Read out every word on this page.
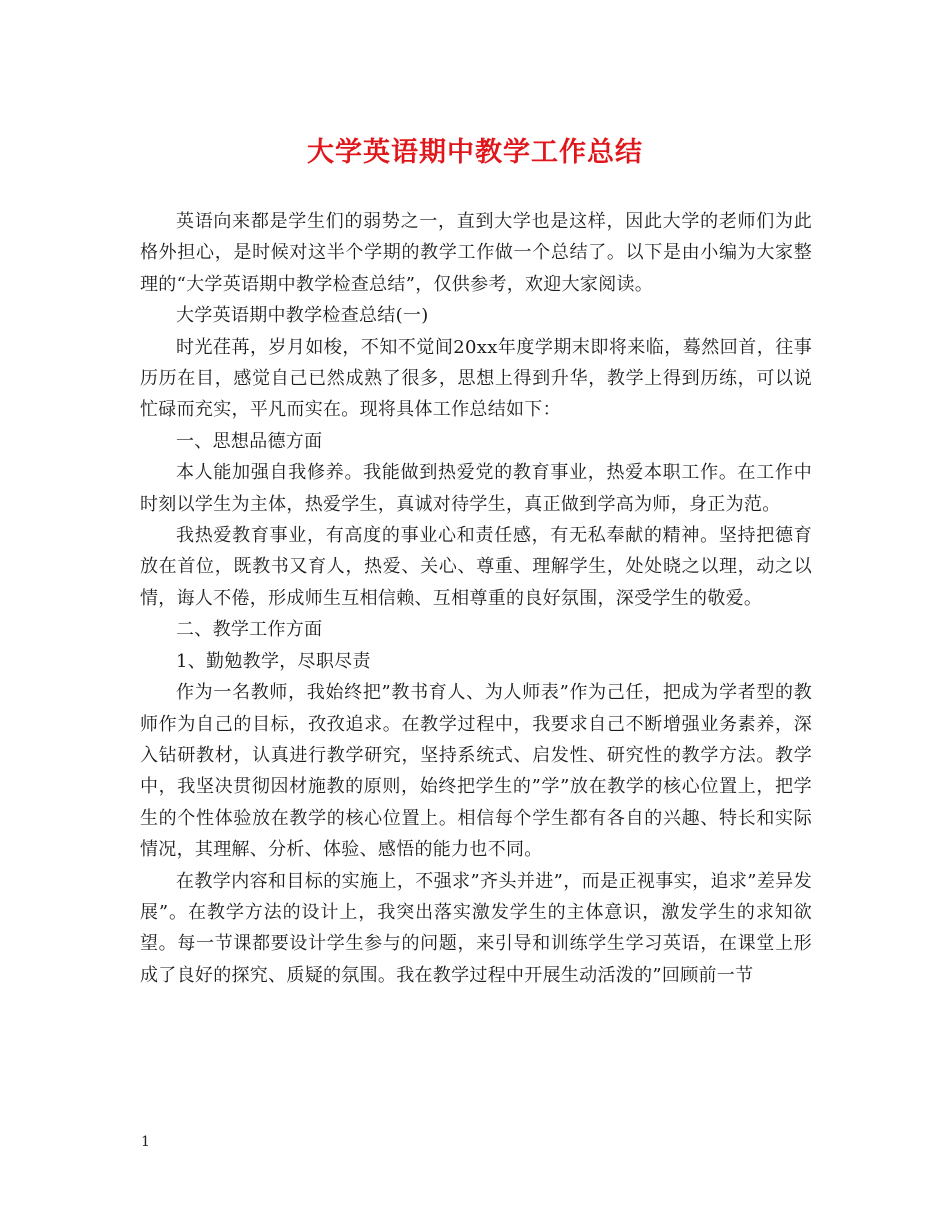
大学英语期中教学工作总结

英语向来都是学生们的弱势之一，直到大学也是这样，因此大学的老师们为此格外担心，是时候对这半个学期的教学工作做一个总结了。以下是由小编为大家整理的“大学英语期中教学检查总结”，仅供参考，欢迎大家阅读。

大学英语期中教学检查总结(一)

时光荏苒，岁月如梭，不知不觉间20xx年度学期末即将来临，蓦然回首，往事历历在目，感觉自己已然成熟了很多，思想上得到升华，教学上得到历练，可以说忙碌而充实，平凡而实在。现将具体工作总结如下：

一、思想品德方面

本人能加强自我修养。我能做到热爱党的教育事业，热爱本职工作。在工作中时刻以学生为主体，热爱学生，真诚对待学生，真正做到学高为师，身正为范。

我热爱教育事业，有高度的事业心和责任感，有无私奉献的精神。坚持把德育放在首位，既教书又育人，热爱、关心、尊重、理解学生，处处晓之以理，动之以情，诲人不倦，形成师生互相信赖、互相尊重的良好氛围，深受学生的敬爱。

二、教学工作方面

1、勤勉教学，尽职尽责

作为一名教师，我始终把”教书育人、为人师表”作为己任，把成为学者型的教师作为自己的目标，孜孜追求。在教学过程中，我要求自己不断增强业务素养，深入钻研教材，认真进行教学研究，坚持系统式、启发性、研究性的教学方法。教学中，我坚决贯彻因材施教的原则，始终把学生的”学”放在教学的核心位置上，把学生的个性体验放在教学的核心位置上。相信每个学生都有各自的兴趣、特长和实际情况，其理解、分析、体验、感悟的能力也不同。

在教学内容和目标的实施上，不强求”齐头并进”，而是正视事实，追求”差异发展”。在教学方法的设计上，我突出落实激发学生的主体意识，激发学生的求知欲望。每一节课都要设计学生参与的问题，来引导和训练学生学习英语，在课堂上形成了良好的探究、质疑的氛围。我在教学过程中开展生动活泼的”回顾前一节

1
